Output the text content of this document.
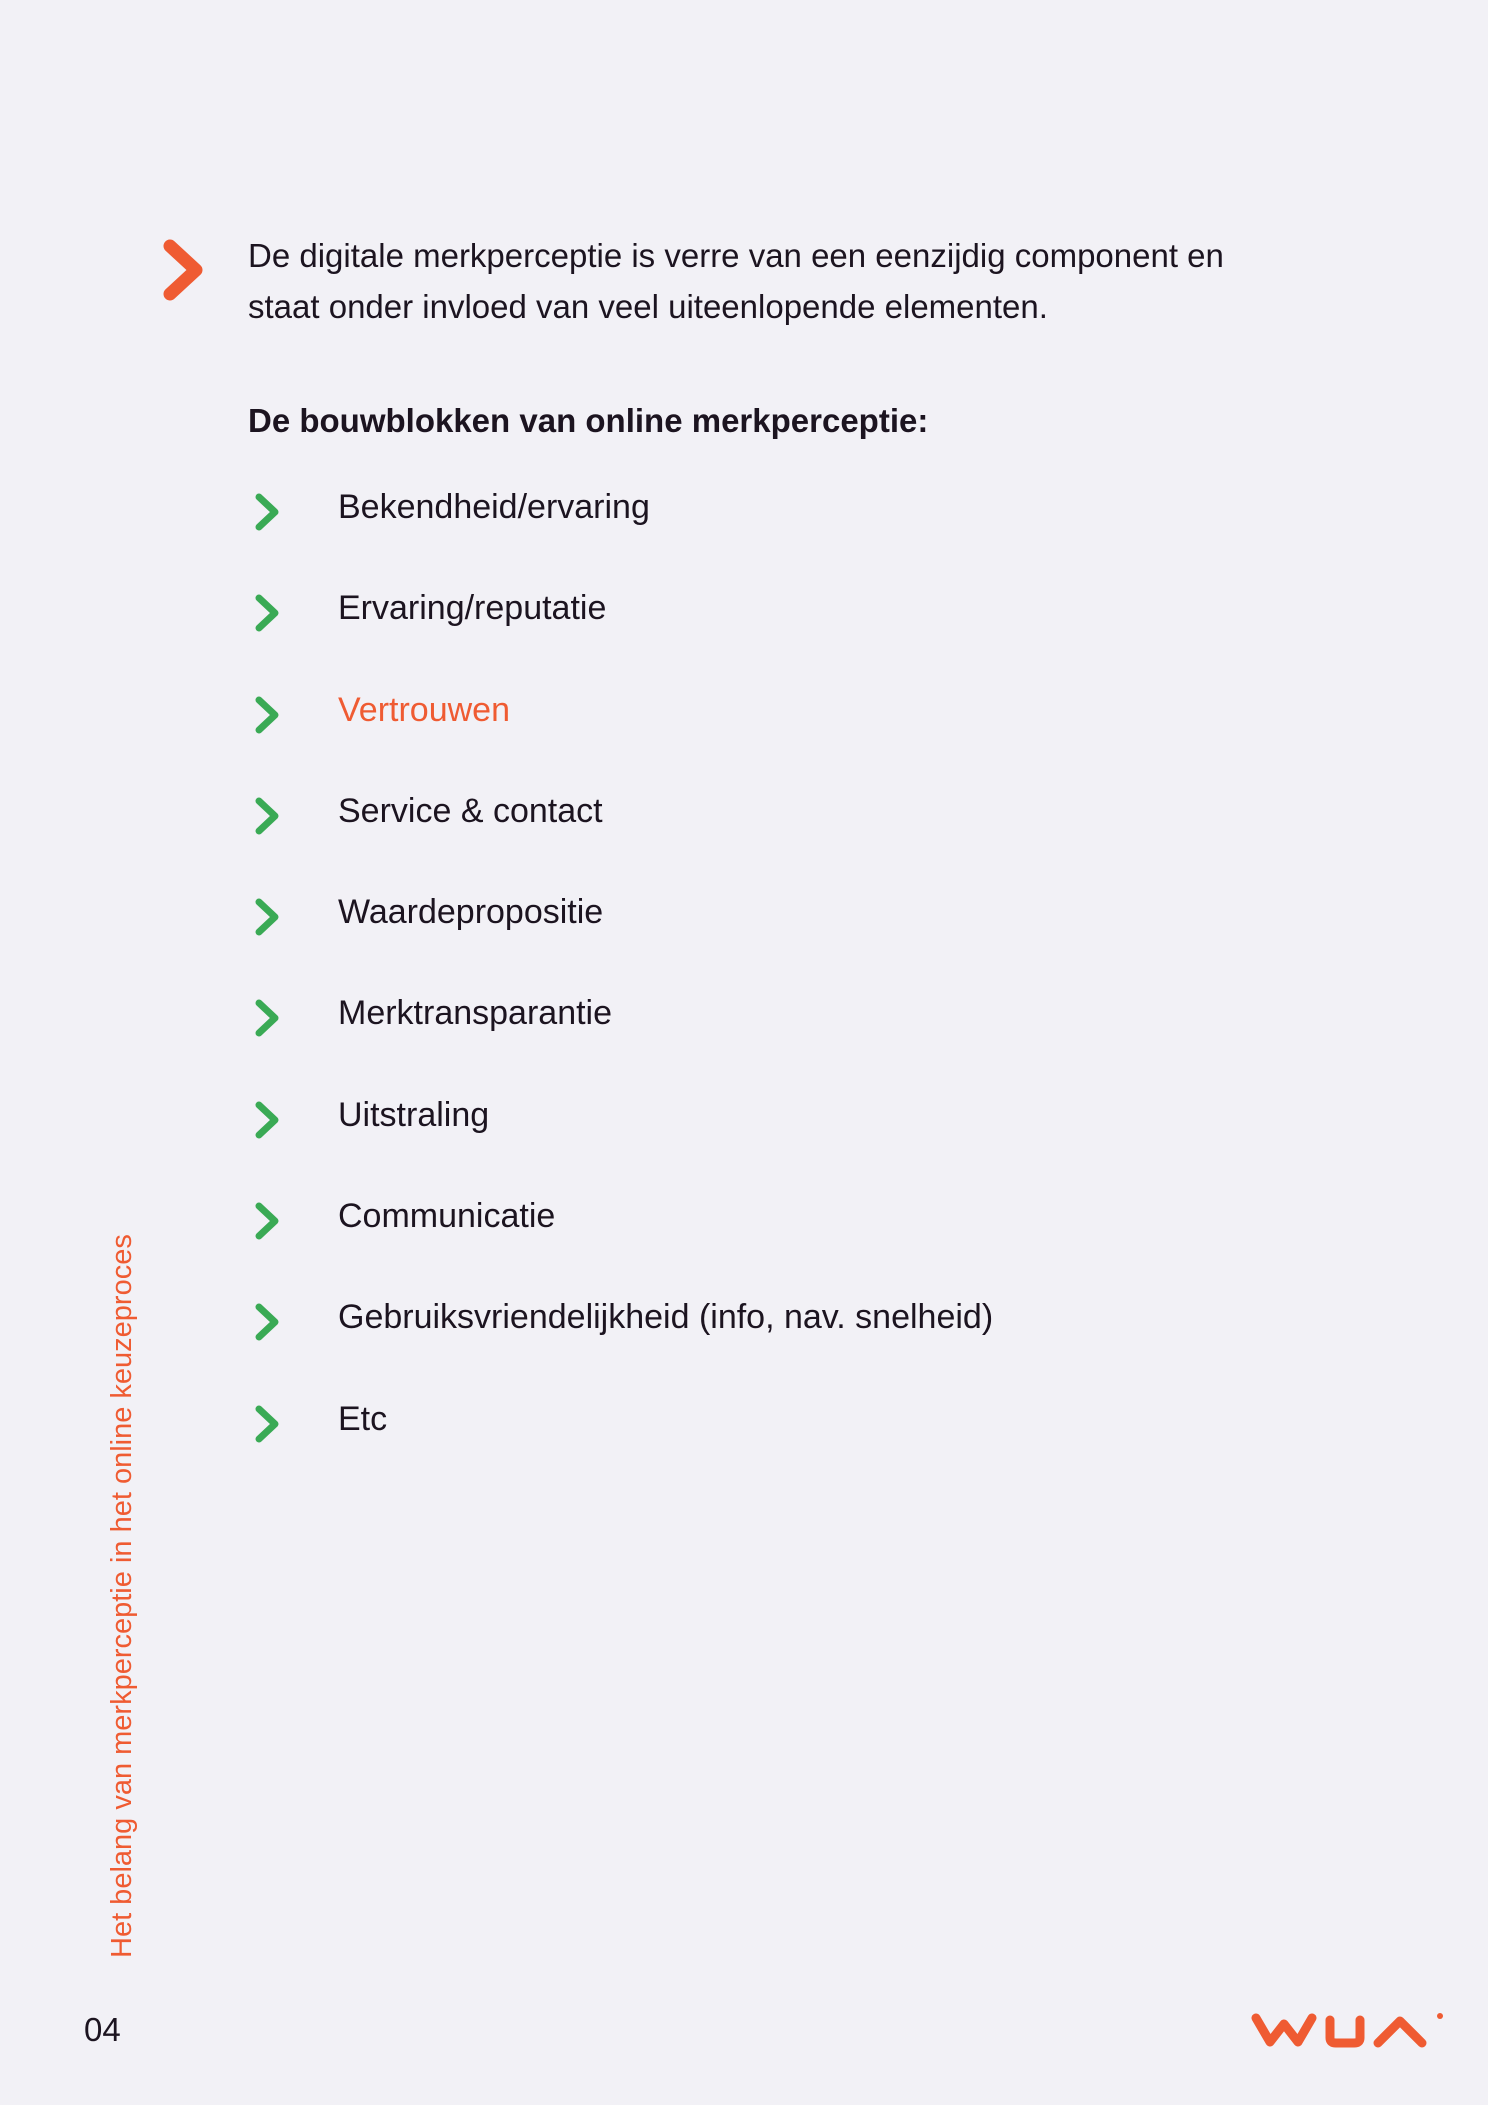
De digitale merkperceptie is verre van een eenzijdig component en
staat onder invloed van veel uiteenlopende elementen.

De bouwblokken van online merkperceptie:
Bekendheid/ervaring
Ervaring/reputatie
Vertrouwen
Service & contact
Waardepropositie
Merktransparantie
Uitstraling
Communicatie
Gebruiksvriendelijkheid (info, nav. snelheid)
Etc
Het belang van merkperceptie in het online keuzeproces
04
